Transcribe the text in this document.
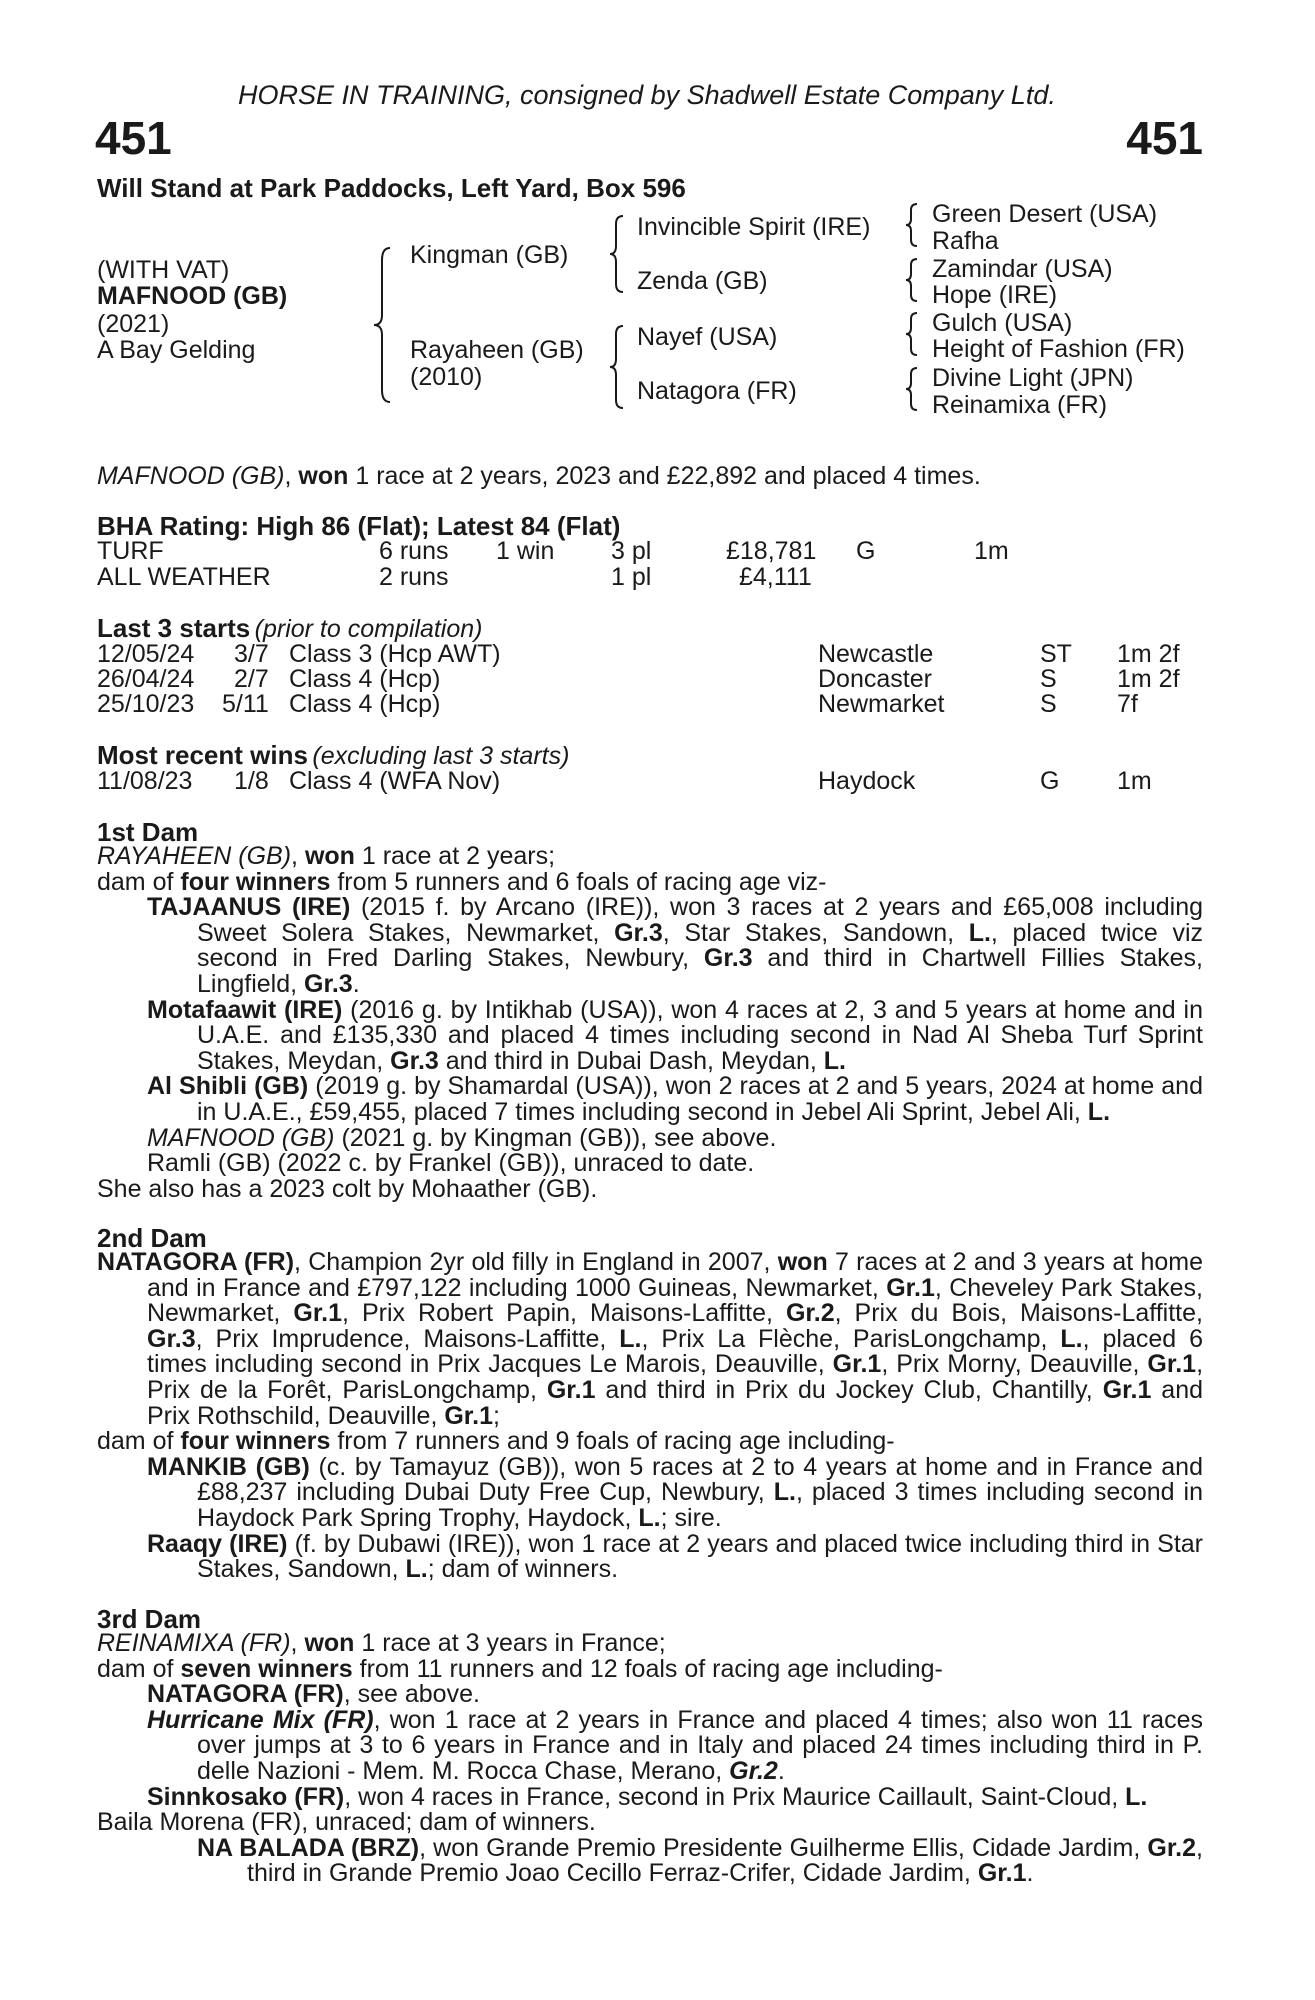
HORSE IN TRAINING, consigned by Shadwell Estate Company Ltd.
451	451
Will Stand at Park Paddocks, Left Yard, Box 596
(WITH VAT)
MAFNOOD (GB)
(2021)
A Bay Gelding
Kingman (GB)
Rayaheen (GB)
(2010)
Invincible Spirit (IRE)
Zenda (GB)
Nayef (USA)
Natagora (FR)
Green Desert (USA)
Rafha
Zamindar (USA)
Hope (IRE)
Gulch (USA)
Height of Fashion (FR)
Divine Light (JPN)
Reinamixa (FR)
MAFNOOD (GB), won 1 race at 2 years, 2023 and £22,892 and placed 4 times.
BHA Rating: High 86 (Flat); Latest 84 (Flat)
TURF	6 runs 1 win 3 pl	£18,781 G	1m
ALL WEATHER	2 runs	1 pl	£4,111
Last 3 starts (prior to compilation)
12/05/24 3/7 Class 3 (Hcp AWT)	Newcastle	ST 1m 2f
26/04/24 2/7 Class 4 (Hcp)	Doncaster	S 1m 2f
25/10/23 5/11 Class 4 (Hcp)	Newmarket	S 7f
Most recent wins (excluding last 3 starts)
11/08/23 1/8 Class 4 (WFA Nov)	Haydock	G 1m
1st Dam
RAYAHEEN (GB), won 1 race at 2 years;
dam of four winners from 5 runners and 6 foals of racing age viz-
TAJAANUS (IRE) (2015 f. by Arcano (IRE)), won 3 races at 2 years and £65,008 including Sweet Solera Stakes, Newmarket, Gr.3, Star Stakes, Sandown, L., placed twice viz second in Fred Darling Stakes, Newbury, Gr.3 and third in Chartwell Fillies Stakes, Lingfield, Gr.3.
Motafaawit (IRE) (2016 g. by Intikhab (USA)), won 4 races at 2, 3 and 5 years at home and in U.A.E. and £135,330 and placed 4 times including second in Nad Al Sheba Turf Sprint Stakes, Meydan, Gr.3 and third in Dubai Dash, Meydan, L.
Al Shibli (GB) (2019 g. by Shamardal (USA)), won 2 races at 2 and 5 years, 2024 at home and in U.A.E., £59,455, placed 7 times including second in Jebel Ali Sprint, Jebel Ali, L.
MAFNOOD (GB) (2021 g. by Kingman (GB)), see above.
Ramli (GB) (2022 c. by Frankel (GB)), unraced to date.
She also has a 2023 colt by Mohaather (GB).
2nd Dam
NATAGORA (FR), Champion 2yr old filly in England in 2007, won 7 races at 2 and 3 years at home and in France and £797,122 including 1000 Guineas, Newmarket, Gr.1, Cheveley Park Stakes, Newmarket, Gr.1, Prix Robert Papin, Maisons-Laffitte, Gr.2, Prix du Bois, Maisons-Laffitte, Gr.3, Prix Imprudence, Maisons-Laffitte, L., Prix La Flèche, ParisLongchamp, L., placed 6 times including second in Prix Jacques Le Marois, Deauville, Gr.1, Prix Morny, Deauville, Gr.1, Prix de la Forêt, ParisLongchamp, Gr.1 and third in Prix du Jockey Club, Chantilly, Gr.1 and Prix Rothschild, Deauville, Gr.1;
dam of four winners from 7 runners and 9 foals of racing age including-
MANKIB (GB) (c. by Tamayuz (GB)), won 5 races at 2 to 4 years at home and in France and £88,237 including Dubai Duty Free Cup, Newbury, L., placed 3 times including second in Haydock Park Spring Trophy, Haydock, L.; sire.
Raaqy (IRE) (f. by Dubawi (IRE)), won 1 race at 2 years and placed twice including third in Star Stakes, Sandown, L.; dam of winners.
3rd Dam
REINAMIXA (FR), won 1 race at 3 years in France;
dam of seven winners from 11 runners and 12 foals of racing age including-
NATAGORA (FR), see above.
Hurricane Mix (FR), won 1 race at 2 years in France and placed 4 times; also won 11 races over jumps at 3 to 6 years in France and in Italy and placed 24 times including third in P. delle Nazioni - Mem. M. Rocca Chase, Merano, Gr.2.
Sinnkosako (FR), won 4 races in France, second in Prix Maurice Caillault, Saint-Cloud, L.
Baila Morena (FR), unraced; dam of winners.
NA BALADA (BRZ), won Grande Premio Presidente Guilherme Ellis, Cidade Jardim, Gr.2, third in Grande Premio Joao Cecillo Ferraz-Crifer, Cidade Jardim, Gr.1.
